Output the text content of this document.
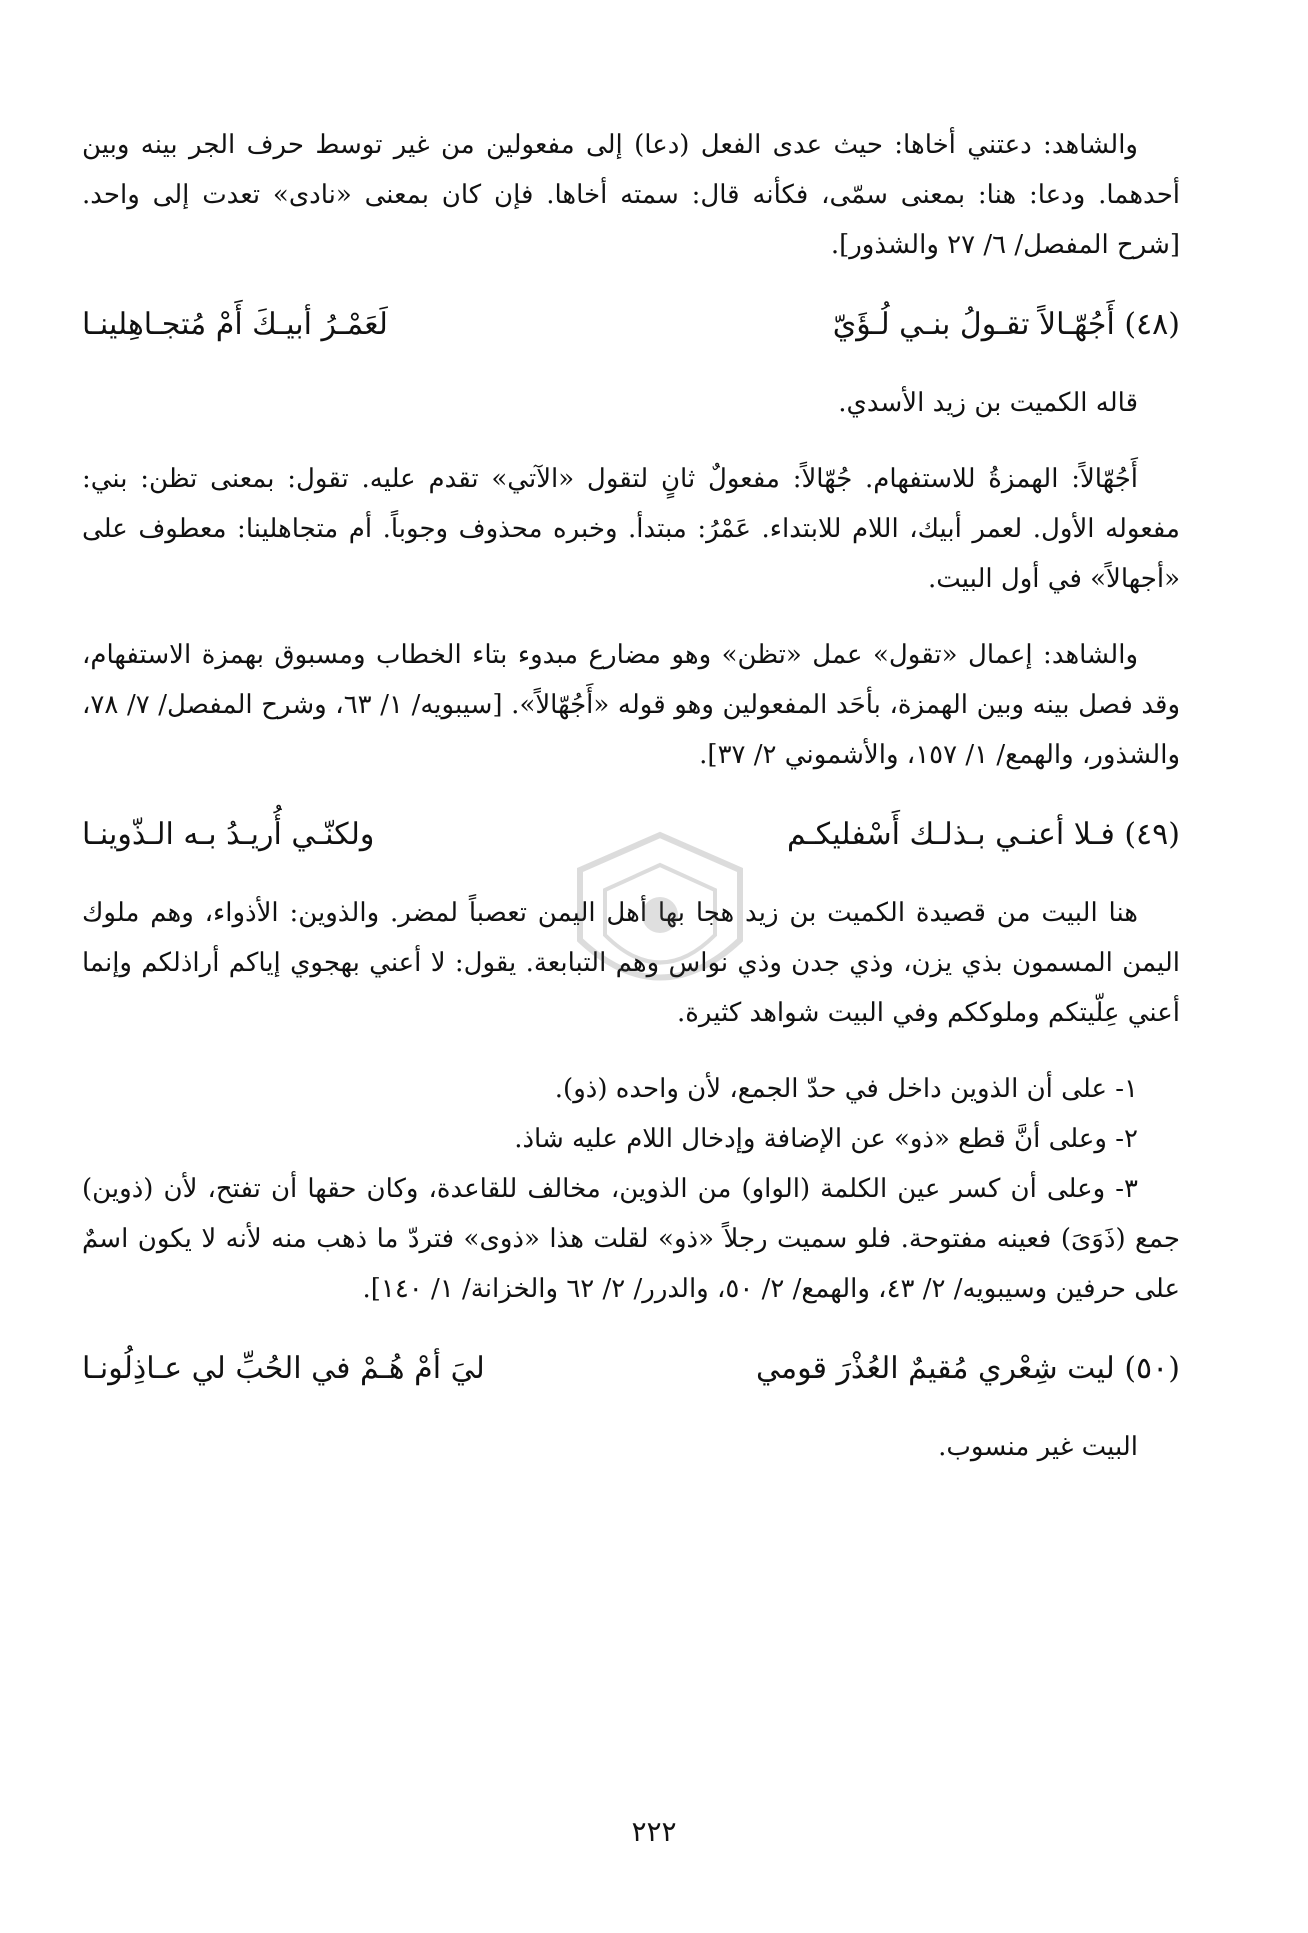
والشاهد: دعتني أخاها: حيث عدى الفعل (دعا) إلى مفعولين من غير توسط حرف الجر بينه وبين أحدهما. ودعا: هنا: بمعنى سمّى، فكأنه قال: سمته أخاها. فإن كان بمعنى «نادى» تعدت إلى واحد. [شرح المفصل/ ٦/ ٢٧ والشذور].

(٤٨) أَجُهّـالاً تقـولُ بنـي لُـؤَيّ
لَعَمْـرُ أبيـكَ أَمْ مُتجـاهِلينـا

قاله الكميت بن زيد الأسدي.

أَجُهّالاً: الهمزةُ للاستفهام. جُهّالاً: مفعولٌ ثانٍ لتقول «الآتي» تقدم عليه. تقول: بمعنى تظن: بني: مفعوله الأول. لعمر أبيك، اللام للابتداء. عَمْرُ: مبتدأ. وخبره محذوف وجوباً. أم متجاهلينا: معطوف على «أجهالاً» في أول البيت.

والشاهد: إعمال «تقول» عمل «تظن» وهو مضارع مبدوء بتاء الخطاب ومسبوق بهمزة الاستفهام، وقد فصل بينه وبين الهمزة، بأحَد المفعولين وهو قوله «أَجُهّالاً». [سيبويه/ ١/ ٦٣، وشرح المفصل/ ٧/ ٧٨، والشذور، والهمع/ ١/ ١٥٧، والأشموني ٢/ ٣٧].

(٤٩) فـلا أعنـي بـذلـك أَسْفليكـم
ولكنّـي أُريـدُ بـه الـذّوينـا

هنا البيت من قصيدة الكميت بن زيد هجا بها أهل اليمن تعصباً لمضر. والذوين: الأذواء، وهم ملوك اليمن المسمون بذي يزن، وذي جدن وذي نواس وهم التبابعة. يقول: لا أعني بهجوي إياكم أراذلكم وإنما أعني عِلّيتكم وملوككم وفي البيت شواهد كثيرة.

١- على أن الذوين داخل في حدّ الجمع، لأن واحده (ذو).

٢- وعلى أنَّ قطع «ذو» عن الإضافة وإدخال اللام عليه شاذ.

٣- وعلى أن كسر عين الكلمة (الواو) من الذوين، مخالف للقاعدة، وكان حقها أن تفتح، لأن (ذوين) جمع (ذَوَىَ) فعينه مفتوحة. فلو سميت رجلاً «ذو» لقلت هذا «ذوى» فتردّ ما ذهب منه لأنه لا يكون اسمٌ على حرفين وسيبويه/ ٢/ ٤٣، والهمع/ ٢/ ٥٠، والدرر/ ٢/ ٦٢ والخزانة/ ١/ ١٤٠].

(٥٠) ليت شِعْري مُقيمٌ العُذْرَ قومي
ليَ أمْ هُـمْ في الحُبِّ لي عـاذِلُونـا

البيت غير منسوب.

٢٢٢
